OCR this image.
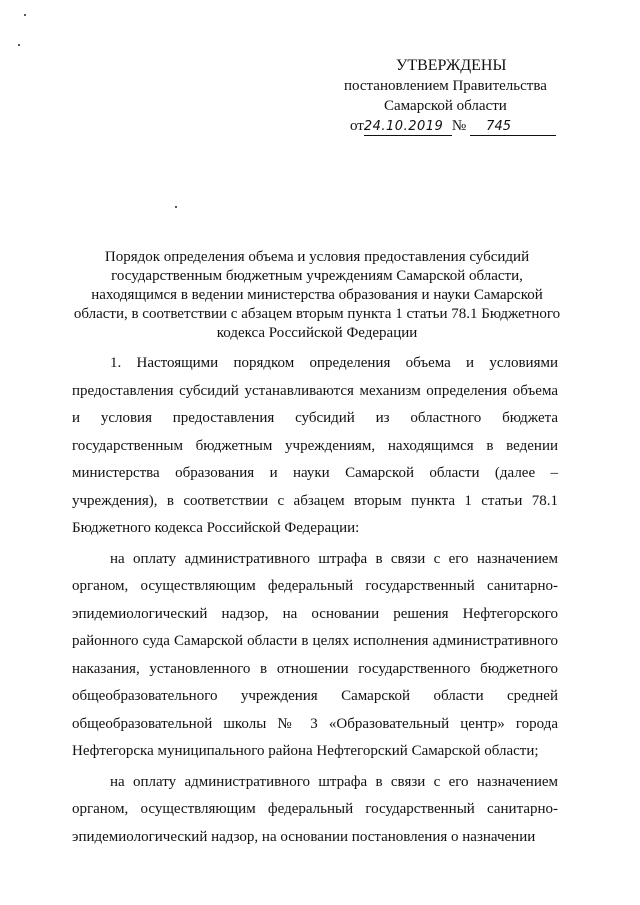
УТВЕРЖДЕНЫ
постановлением Правительства
Самарской области
от24.10.2019 № 745
Порядок определения объема и условия предоставления субсидий государственным бюджетным учреждениям Самарской области, находящимся в ведении министерства образования и науки Самарской области, в соответствии с абзацем вторым пункта 1 статьи 78.1 Бюджетного кодекса Российской Федерации

1. Настоящими порядком определения объема и условиями предоставления субсидий устанавливаются механизм определения объема и условия предоставления субсидий из областного бюджета государственным бюджетным учреждениям, находящимся в ведении министерства образования и науки Самарской области (далее – учреждения), в соответствии с абзацем вторым пункта 1 статьи 78.1 Бюджетного кодекса Российской Федерации:

на оплату административного штрафа в связи с его назначением органом, осуществляющим федеральный государственный санитарно-эпидемиологический надзор, на основании решения Нефтегорского районного суда Самарской области в целях исполнения административного наказания, установленного в отношении государственного бюджетного общеобразовательного учреждения Самарской области средней общеобразовательной школы № 3 «Образовательный центр» города Нефтегорска муниципального района Нефтегорский Самарской области;

на оплату административного штрафа в связи с его назначением органом, осуществляющим федеральный государственный санитарно-эпидемиологический надзор, на основании постановления о назначении
